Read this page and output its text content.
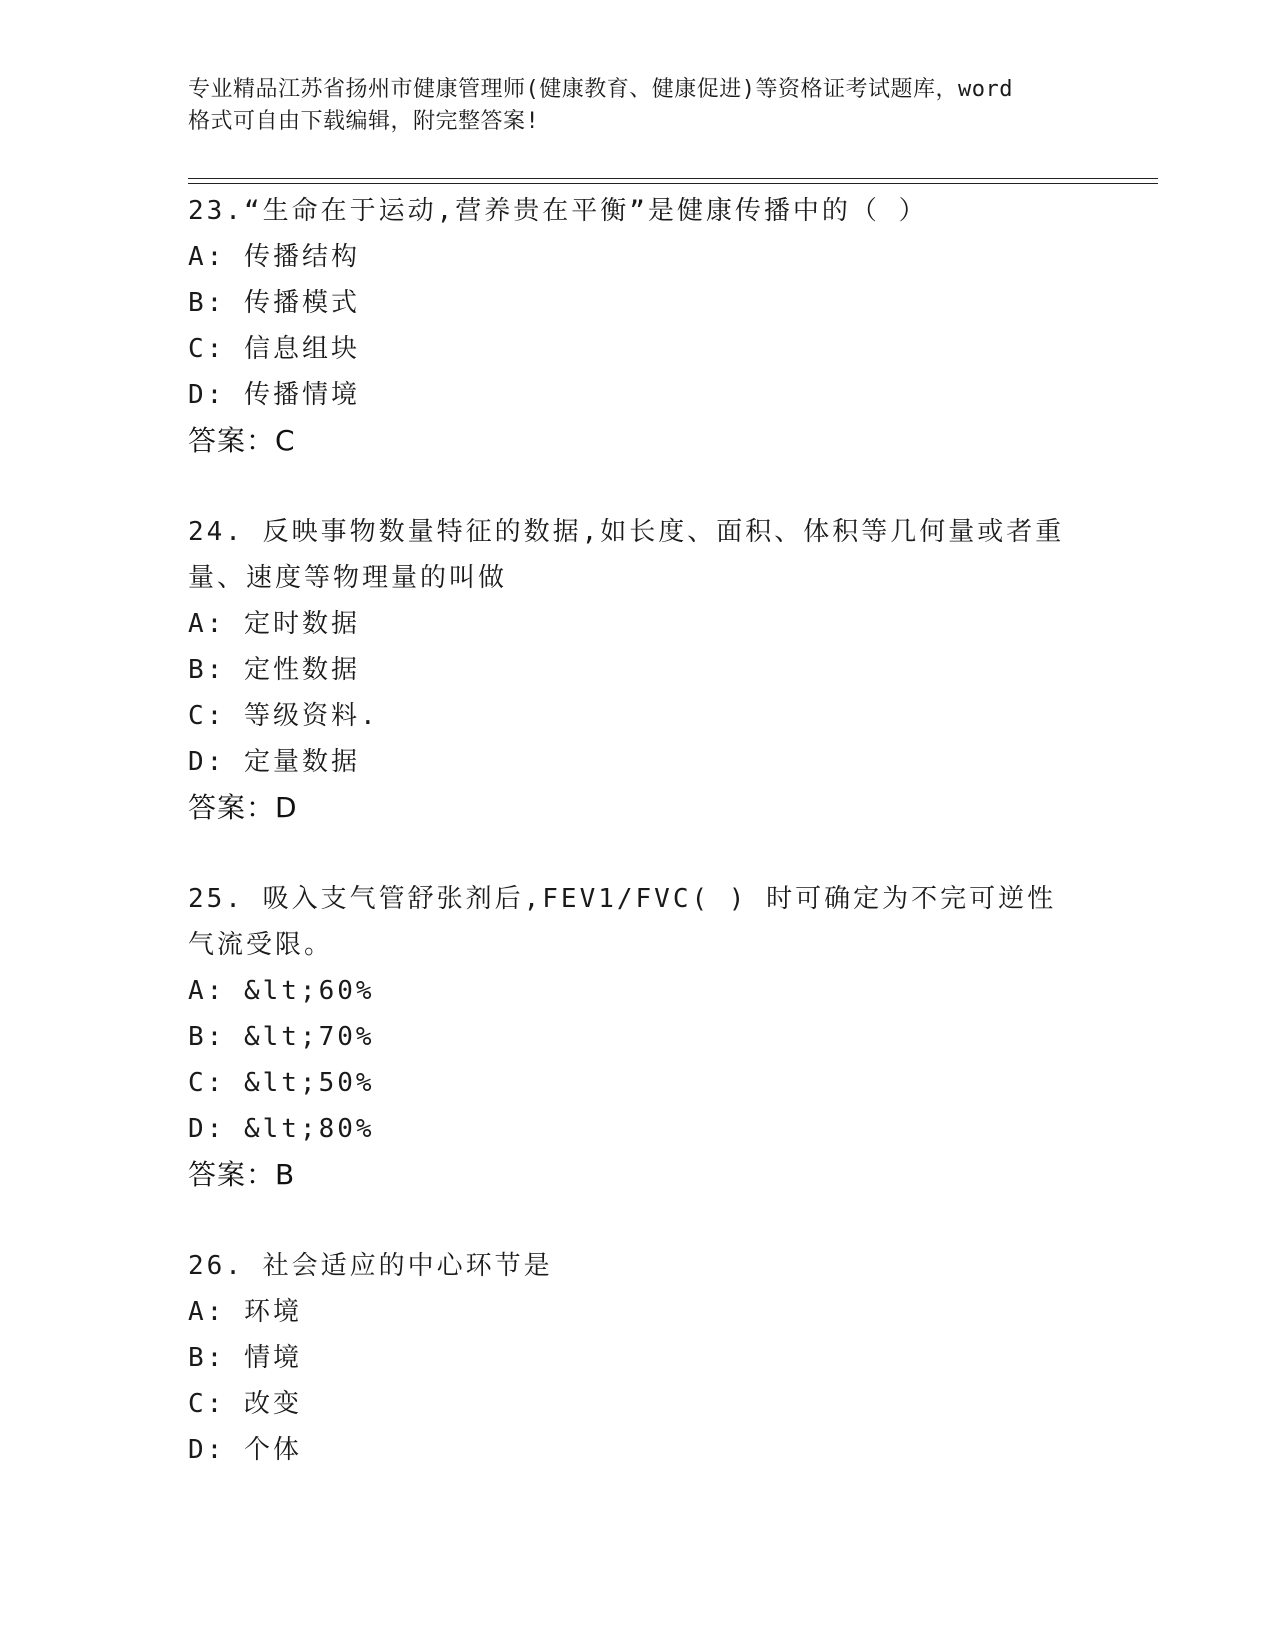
专业精品江苏省扬州市健康管理师(健康教育、健康促进)等资格证考试题库，word
格式可自由下载编辑，附完整答案!
23.“生命在于运动,营养贵在平衡”是健康传播中的（ ）
A: 传播结构
B: 传播模式
C: 信息组块
D: 传播情境
答案：C
24. 反映事物数量特征的数据,如长度、面积、体积等几何量或者重量、速度等物理量的叫做
A: 定时数据
B: 定性数据
C: 等级资料.
D: 定量数据
答案：D
25. 吸入支气管舒张剂后,FEV1/FVC( ) 时可确定为不完可逆性气流受限。
A: &lt;60%
B: &lt;70%
C: &lt;50%
D: &lt;80%
答案：B
26. 社会适应的中心环节是
A: 环境
B: 情境
C: 改变
D: 个体
